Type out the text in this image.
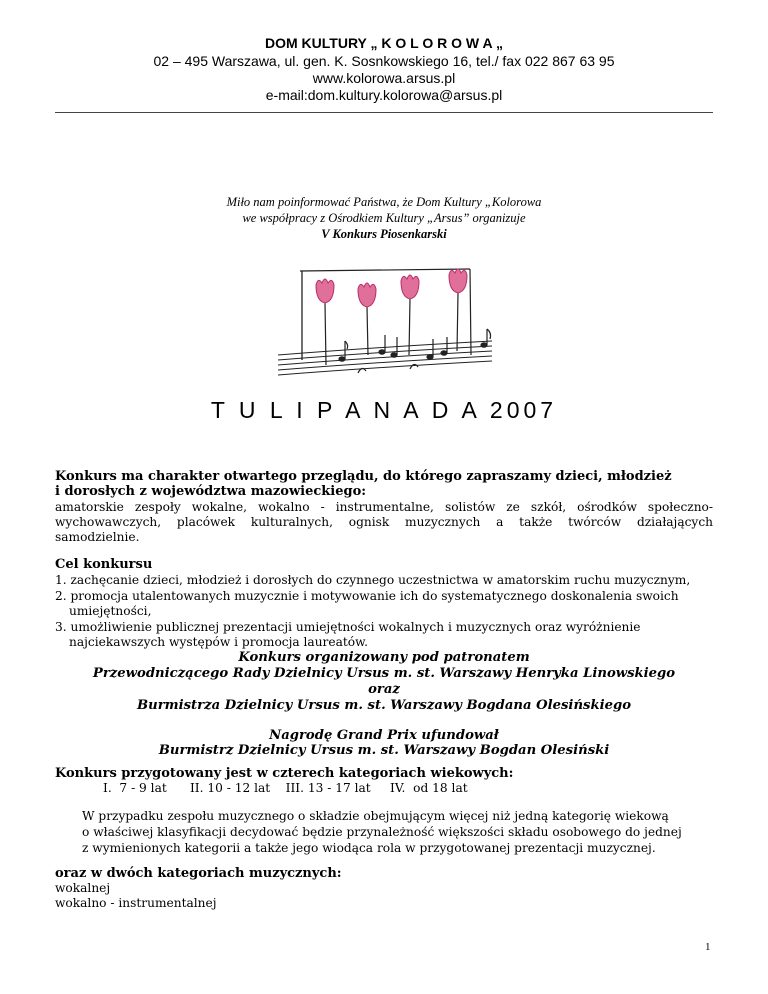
DOM KULTURY „ K O L O R O W A „
02 – 495 Warszawa, ul. gen. K. Sosnkowskiego 16, tel./ fax 022 867 63 95
www.kolorowa.arsus.pl
e-mail:dom.kultury.kolorowa@arsus.pl
Miło nam poinformować Państwa, że Dom Kultury „Kolorowa
we współpracy z Ośrodkiem Kultury „Arsus” organizuje
V Konkurs Piosenkarski
T U L I P A N A D A 2007
Konkurs ma charakter otwartego przeglądu, do którego zapraszamy dzieci, młodzież
i dorosłych z województwa mazowieckiego:
amatorskie zespoły wokalne, wokalno - instrumentalne, solistów ze szkół, ośrodków społeczno-
wychowawczych, placówek kulturalnych, ognisk muzycznych a także twórców działających
samodzielnie.
Cel konkursu
1. zachęcanie dzieci, młodzież i dorosłych do czynnego uczestnictwa w amatorskim ruchu muzycznym,
2. promocja utalentowanych muzycznie i motywowanie ich do systematycznego doskonalenia swoich
umiejętności,
3. umożliwienie publicznej prezentacji umiejętności wokalnych i muzycznych oraz wyróżnienie
najciekawszych występów i promocja laureatów.
Konkurs organizowany pod patronatem
Przewodniczącego Rady Dzielnicy Ursus m. st. Warszawy Henryka Linowskiego
oraz
Burmistrza Dzielnicy Ursus m. st. Warszawy Bogdana Olesińskiego
Nagrodę Grand Prix ufundował
Burmistrz Dzielnicy Ursus m. st. Warszawy Bogdan Olesiński
Konkurs przygotowany jest w czterech kategoriach wiekowych:
I.  7 - 9 lat      II. 10 - 12 lat    III. 13 - 17 lat     IV.  od 18 lat
W przypadku zespołu muzycznego o składzie obejmującym więcej niż jedną kategorię wiekową
o właściwej klasyfikacji decydować będzie przynależność większości składu osobowego do jednej
z wymienionych kategorii a także jego wiodąca rola w przygotowanej prezentacji muzycznej.
oraz w dwóch kategoriach muzycznych:
wokalnej
wokalno - instrumentalnej
1
